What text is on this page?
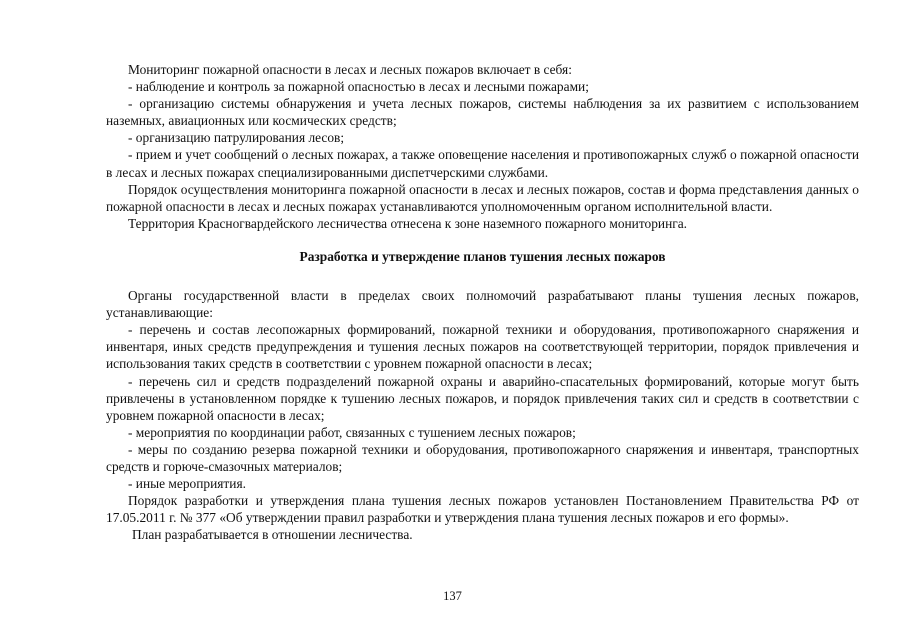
Мониторинг пожарной опасности в лесах и лесных пожаров включает в себя:

- наблюдение и контроль за пожарной опасностью в лесах и лесными пожарами;

- организацию системы обнаружения и учета лесных пожаров, системы наблюдения за их развитием с использованием наземных, авиационных или космических средств;

- организацию патрулирования лесов;

- прием и учет сообщений о лесных пожарах, а также оповещение населения и противопожарных служб о пожарной опасности в лесах и лесных пожарах специализированными диспетчерскими службами.

Порядок осуществления мониторинга пожарной опасности в лесах и лесных пожаров, состав и форма представления данных о пожарной опасности в лесах и лесных пожарах устанавливаются уполномоченным органом исполнительной власти.

Территория Красногвардейского лесничества отнесена к зоне наземного пожарного мониторинга.

Разработка и утверждение планов тушения лесных пожаров

Органы государственной власти в пределах своих полномочий разрабатывают планы тушения лесных пожаров, устанавливающие:

- перечень и состав лесопожарных формирований, пожарной техники и оборудования, противопожарного снаряжения и инвентаря, иных средств предупреждения и тушения лесных пожаров на соответствующей территории, порядок привлечения и использования таких средств в соответствии с уровнем пожарной опасности в лесах;

- перечень сил и средств подразделений пожарной охраны и аварийно-спасательных формирований, которые могут быть привлечены в установленном порядке к тушению лесных пожаров, и порядок привлечения таких сил и средств в соответствии с уровнем пожарной опасности в лесах;

- мероприятия по координации работ, связанных с тушением лесных пожаров;

- меры по созданию резерва пожарной техники и оборудования, противопожарного снаряжения и инвентаря, транспортных средств и горюче-смазочных материалов;

- иные мероприятия.

Порядок разработки и утверждения плана тушения лесных пожаров установлен Постановлением Правительства РФ от 17.05.2011 г. № 377 «Об утверждении правил разработки и утверждения плана тушения лесных пожаров и его формы».

План разрабатывается в отношении лесничества.

137
